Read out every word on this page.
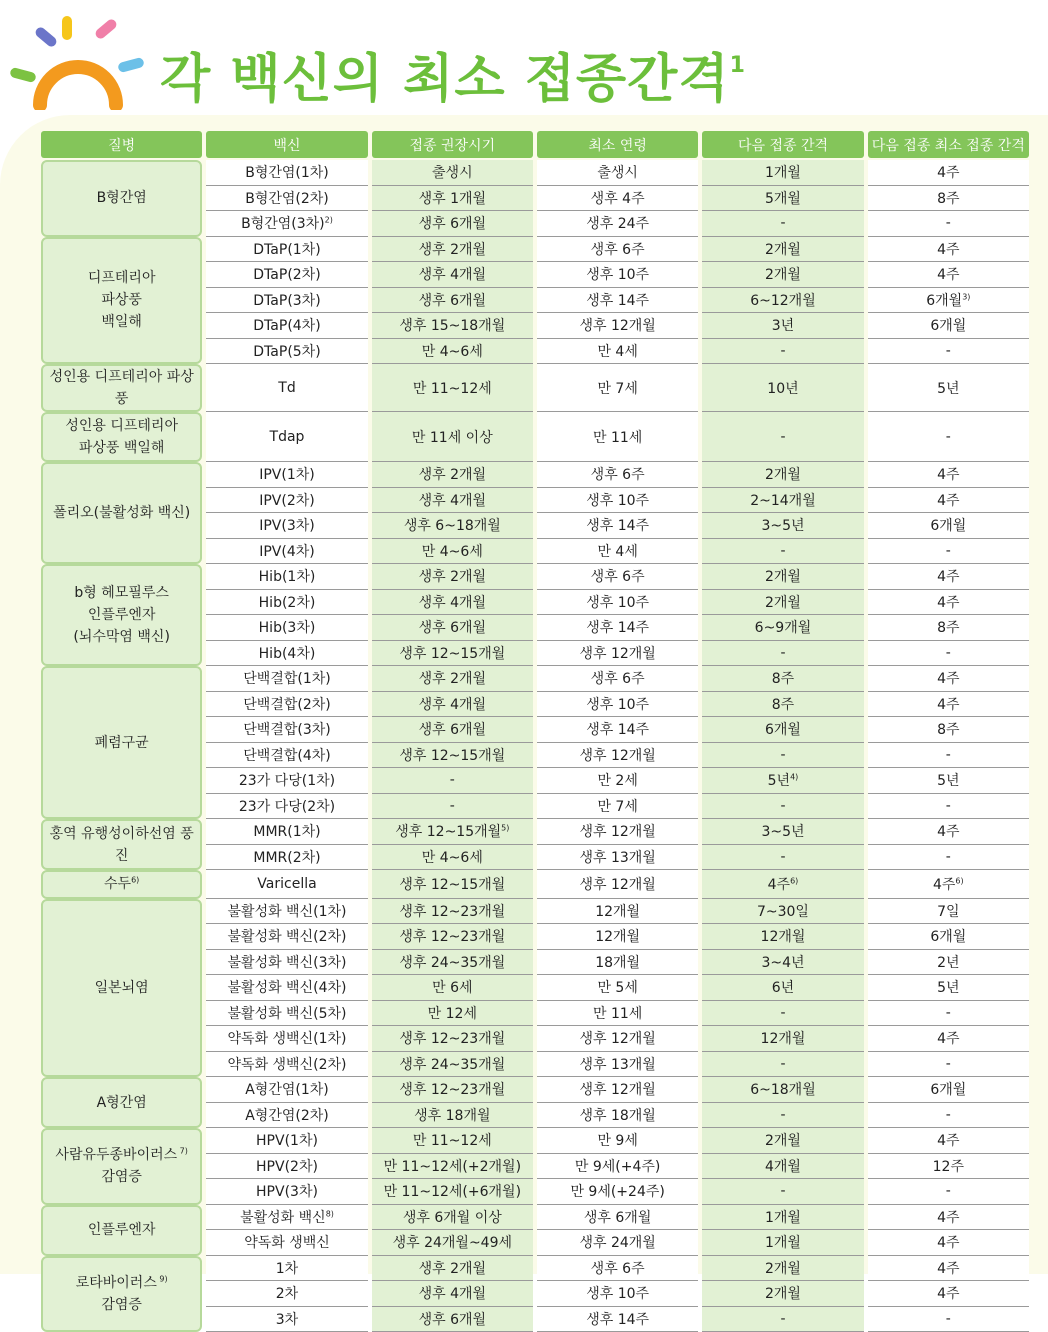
각 백신의 최소 접종간격$^1$
질병	백신	접종 권장시기	최소 연령	다음 접종 간격	다음 접종 최소 접종 간격

B형간염	B형간염(1차)	출생시	출생시	1개월	4주
	B형간염(2차)	생후 1개월	생후 4주	5개월	8주
	B형간염(3차)$^{2)}$	생후 6개월	생후 24주	-	-
디프테리아
파상풍
백일해	DTaP(1차)	생후 2개월	생후 6주	2개월	4주
	DTaP(2차)	생후 4개월	생후 10주	2개월	4주
	DTaP(3차)	생후 6개월	생후 14주	6~12개월	6개월$^{3)}$
	DTaP(4차)	생후 15~18개월	생후 12개월	3년	6개월
	DTaP(5차)	만 4~6세	만 4세	-	-
성인용 디프테리아 파상풍	Td	만 11~12세	만 7세	10년	5년
성인용 디프테리아
파상풍 백일해	Tdap	만 11세 이상	만 11세	-	-
폴리오(불활성화 백신)	IPV(1차)	생후 2개월	생후 6주	2개월	4주
	IPV(2차)	생후 4개월	생후 10주	2~14개월	4주
	IPV(3차)	생후 6~18개월	생후 14주	3~5년	6개월
	IPV(4차)	만 4~6세	만 4세	-	-
b형 헤모필루스
인플루엔자
(뇌수막염 백신)	Hib(1차)	생후 2개월	생후 6주	2개월	4주
	Hib(2차)	생후 4개월	생후 10주	2개월	4주
	Hib(3차)	생후 6개월	생후 14주	6~9개월	8주
	Hib(4차)	생후 12~15개월	생후 12개월	-	-
폐렴구균	단백결합(1차)	생후 2개월	생후 6주	8주	4주
	단백결합(2차)	생후 4개월	생후 10주	8주	4주
	단백결합(3차)	생후 6개월	생후 14주	6개월	8주
	단백결합(4차)	생후 12~15개월	생후 12개월	-	-
	23가 다당(1차)	-	만 2세	5년$^{4)}$	5년
	23가 다당(2차)	-	만 7세	-	-
홍역 유행성이하선염 풍진	MMR(1차)	생후 12~15개월$^{5)}$	생후 12개월	3~5년	4주
	MMR(2차)	만 4~6세	생후 13개월	-	-
수두$^{6)}$	Varicella	생후 12~15개월	생후 12개월	4주$^{6)}$	4주$^{6)}$
일본뇌염	불활성화 백신(1차)	생후 12~23개월	12개월	7~30일	7일
	불활성화 백신(2차)	생후 12~23개월	12개월	12개월	6개월
	불활성화 백신(3차)	생후 24~35개월	18개월	3~4년	2년
	불활성화 백신(4차)	만 6세	만 5세	6년	5년
	불활성화 백신(5차)	만 12세	만 11세	-	-
	약독화 생백신(1차)	생후 12~23개월	생후 12개월	12개월	4주
	약독화 생백신(2차)	생후 24~35개월	생후 13개월	-	-
A형간염	A형간염(1차)	생후 12~23개월	생후 12개월	6~18개월	6개월
	A형간염(2차)	생후 18개월	생후 18개월	-	-
사람유두종바이러스 $^{7)}$
감염증	HPV(1차)	만 11~12세	만 9세	2개월	4주
	HPV(2차)	만 11~12세(+2개월)	만 9세(+4주)	4개월	12주
	HPV(3차)	만 11~12세(+6개월)	만 9세(+24주)	-	-
인플루엔자	불활성화 백신$^{8)}$	생후 6개월 이상	생후 6개월	1개월	4주
	약독화 생백신	생후 24개월~49세	생후 24개월	1개월	4주
로타바이러스 $^{9)}$
감염증	1차	생후 2개월	생후 6주	2개월	4주
	2차	생후 4개월	생후 10주	2개월	4주
	3차	생후 6개월	생후 14주	-	-
